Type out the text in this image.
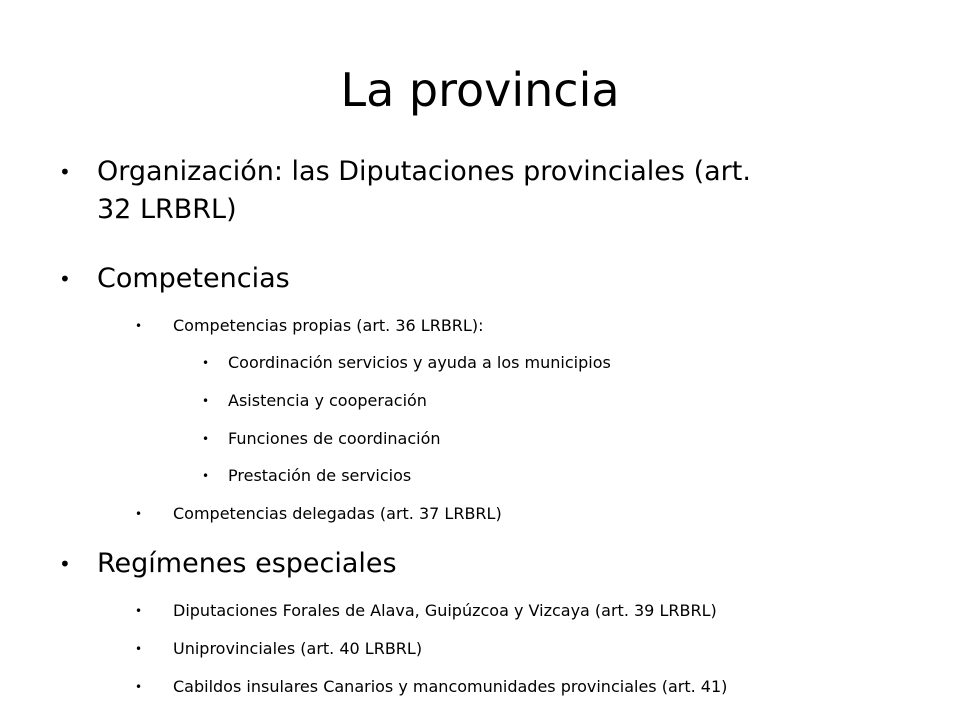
La provincia
• Organización: las Diputaciones provinciales (art.
32 LRBRL)
• Competencias
• Competencias propias (art. 36 LRBRL):
• Coordinación servicios y ayuda a los municipios
• Asistencia y cooperación
• Funciones de coordinación
• Prestación de servicios
• Competencias delegadas (art. 37 LRBRL)
• Regímenes especiales
• Diputaciones Forales de Alava, Guipúzcoa y Vizcaya (art. 39 LRBRL)
• Uniprovinciales (art. 40 LRBRL)
• Cabildos insulares Canarios y mancomunidades provinciales (art. 41)
